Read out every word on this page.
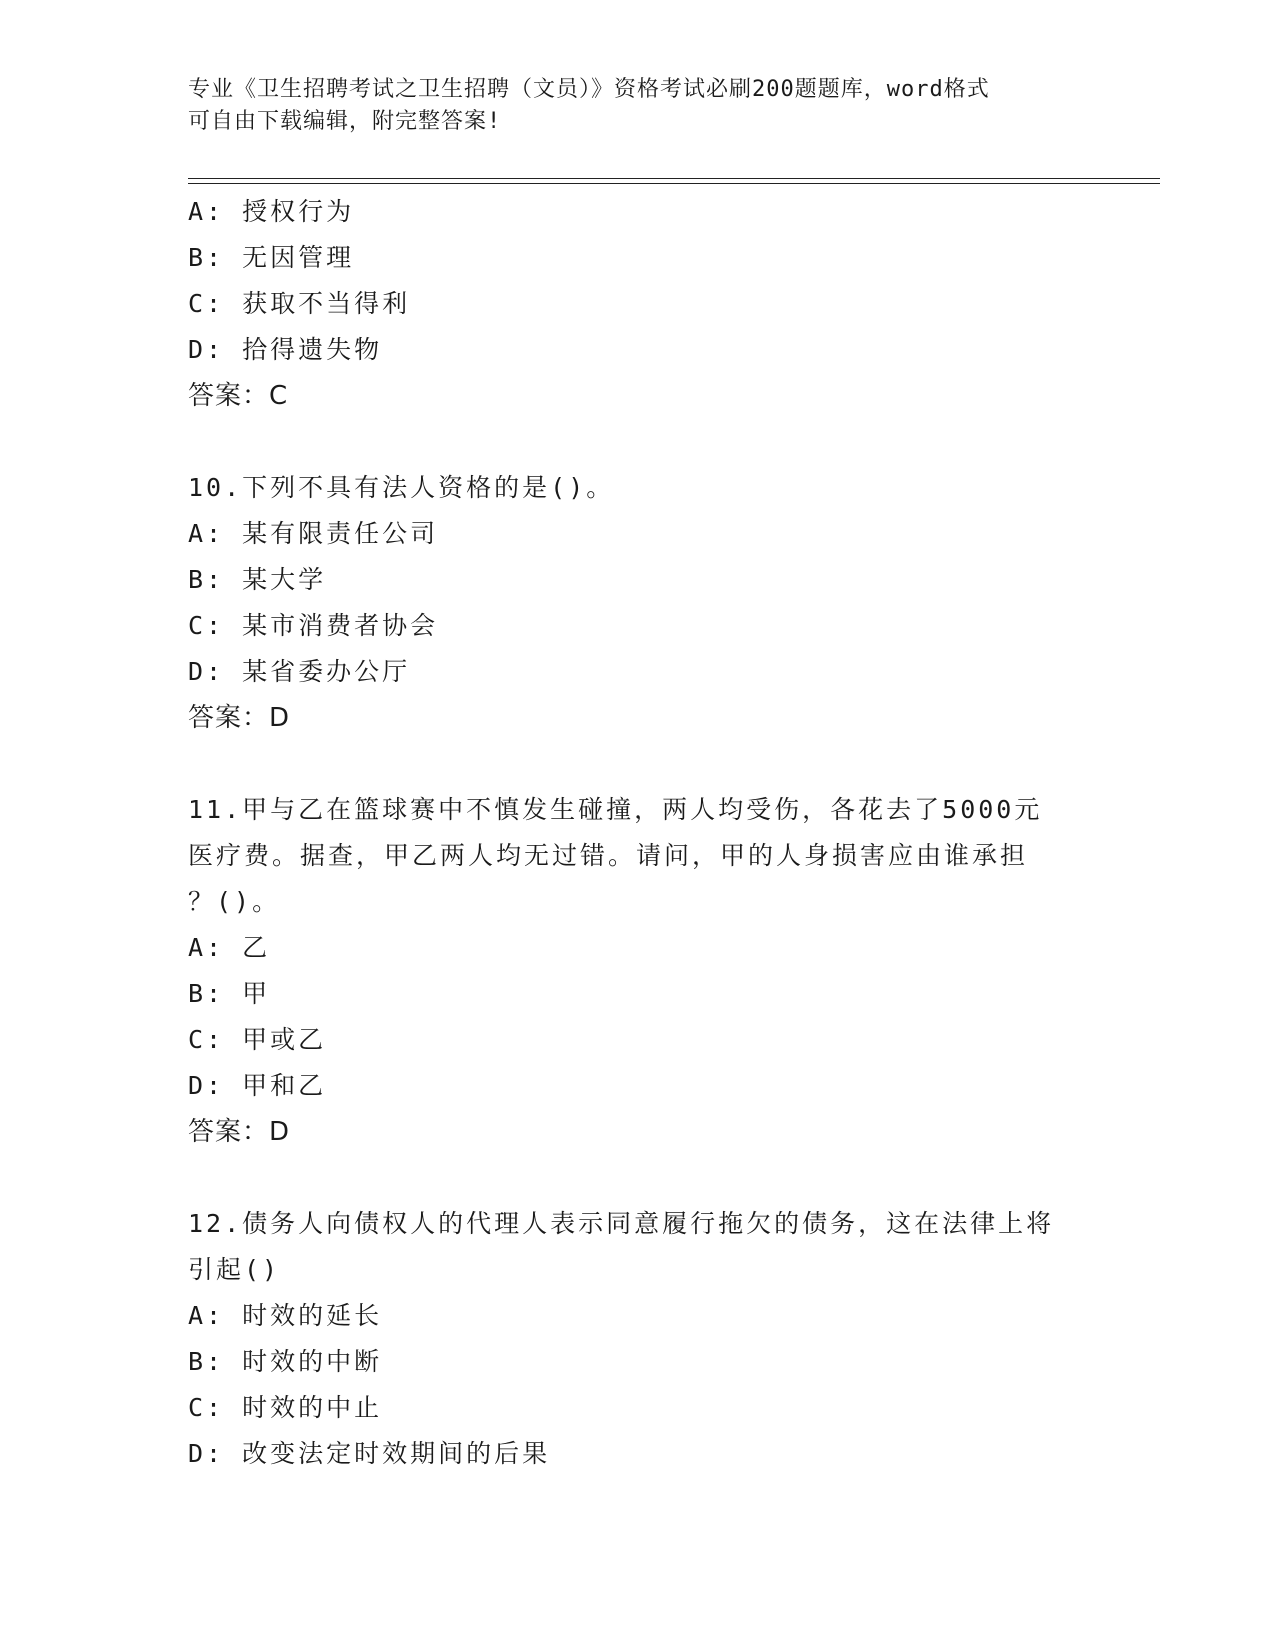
专业《卫生招聘考试之卫生招聘（文员）》资格考试必刷200题题库，word格式
可自由下载编辑，附完整答案!
A: 授权行为
B: 无因管理
C: 获取不当得利
D: 拾得遗失物
答案：C
10.下列不具有法人资格的是()。
A: 某有限责任公司
B: 某大学
C: 某市消费者协会
D: 某省委办公厅
答案：D
11.甲与乙在篮球赛中不慎发生碰撞，两人均受伤，各花去了5000元
医疗费。据查，甲乙两人均无过错。请问，甲的人身损害应由谁承担
？()。
A: 乙
B: 甲
C: 甲或乙
D: 甲和乙
答案：D
12.债务人向债权人的代理人表示同意履行拖欠的债务，这在法律上将
引起()
A: 时效的延长
B: 时效的中断
C: 时效的中止
D: 改变法定时效期间的后果
